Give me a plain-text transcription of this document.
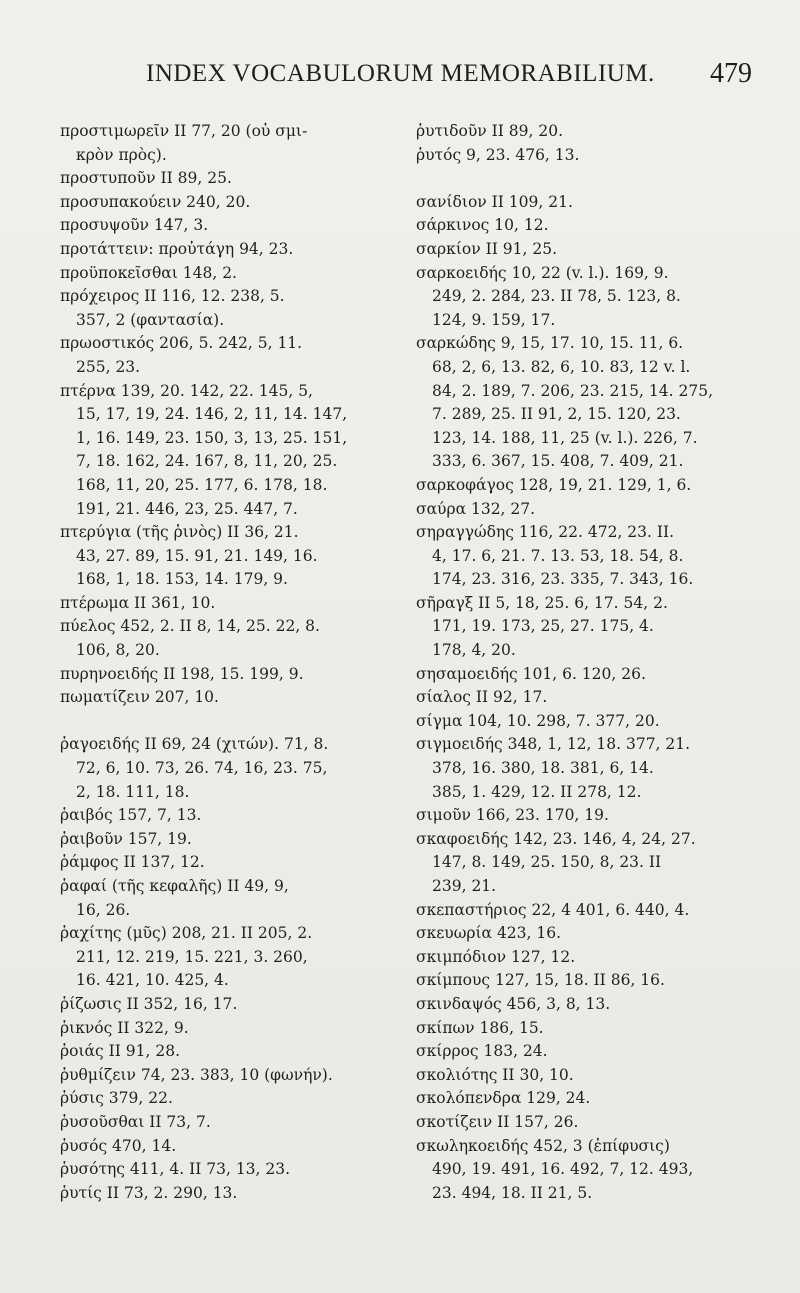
INDEX VOCABULORUM MEMORABILIUM. 479
προστιμωρεῖν II 77, 20 (οὐ σμι-
κρὸν πρὸς).
προστυποῦν II 89, 25.
προσυπακούειν 240, 20.
προσυψοῦν 147, 3.
προτάττειν: προὐτάγη 94, 23.
προϋποκεῖσθαι 148, 2.
πρόχειρος II 116, 12. 238, 5.
357, 2 (φαντασία).
πρωοστικός 206, 5. 242, 5, 11.
255, 23.
πτέρνα 139, 20. 142, 22. 145, 5,
15, 17, 19, 24. 146, 2, 11, 14. 147,
1, 16. 149, 23. 150, 3, 13, 25. 151,
7, 18. 162, 24. 167, 8, 11, 20, 25.
168, 11, 20, 25. 177, 6. 178, 18.
191, 21. 446, 23, 25. 447, 7.
πτερύγια (τῆς ῥινὸς) II 36, 21.
43, 27. 89, 15. 91, 21. 149, 16.
168, 1, 18. 153, 14. 179, 9.
πτέρωμα II 361, 10.
πύελος 452, 2. II 8, 14, 25. 22, 8.
106, 8, 20.
πυρηνοειδής II 198, 15. 199, 9.
πωματίζειν 207, 10.
ῥαγοειδής II 69, 24 (χιτών). 71, 8.
72, 6, 10. 73, 26. 74, 16, 23. 75,
2, 18. 111, 18.
ῥαιβός 157, 7, 13.
ῥαιβοῦν 157, 19.
ῥάμφος II 137, 12.
ῥαφαί (τῆς κεφαλῆς) II 49, 9,
16, 26.
ῥαχίτης (μῦς) 208, 21. II 205, 2.
211, 12. 219, 15. 221, 3. 260,
16. 421, 10. 425, 4.
ῥίζωσις II 352, 16, 17.
ῥικνός II 322, 9.
ῥοιάς II 91, 28.
ῥυθμίζειν 74, 23. 383, 10 (φωνήν).
ῥύσις 379, 22.
ῥυσοῦσθαι II 73, 7.
ῥυσός 470, 14.
ῥυσότης 411, 4. II 73, 13, 23.
ῥυτίς II 73, 2. 290, 13.
ῥυτιδοῦν II 89, 20.
ῥυτός 9, 23. 476, 13.
σανίδιον II 109, 21.
σάρκινος 10, 12.
σαρκίον II 91, 25.
σαρκοειδής 10, 22 (v. l.). 169, 9.
249, 2. 284, 23. II 78, 5. 123, 8.
124, 9. 159, 17.
σαρκώδης 9, 15, 17. 10, 15. 11, 6.
68, 2, 6, 13. 82, 6, 10. 83, 12 v. l.
84, 2. 189, 7. 206, 23. 215, 14. 275,
7. 289, 25. II 91, 2, 15. 120, 23.
123, 14. 188, 11, 25 (v. l.). 226, 7.
333, 6. 367, 15. 408, 7. 409, 21.
σαρκοφάγος 128, 19, 21. 129, 1, 6.
σαύρα 132, 27.
σηραγγώδης 116, 22. 472, 23. II.
4, 17. 6, 21. 7. 13. 53, 18. 54, 8.
174, 23. 316, 23. 335, 7. 343, 16.
σῆραγξ II 5, 18, 25. 6, 17. 54, 2.
171, 19. 173, 25, 27. 175, 4.
178, 4, 20.
σησαμοειδής 101, 6. 120, 26.
σίαλος II 92, 17.
σίγμα 104, 10. 298, 7. 377, 20.
σιγμοειδής 348, 1, 12, 18. 377, 21.
378, 16. 380, 18. 381, 6, 14.
385, 1. 429, 12. II 278, 12.
σιμοῦν 166, 23. 170, 19.
σκαφοειδής 142, 23. 146, 4, 24, 27.
147, 8. 149, 25. 150, 8, 23. II
239, 21.
σκεπαστήριος 22, 4 401, 6. 440, 4.
σκευωρία 423, 16.
σκιμπόδιον 127, 12.
σκίμπους 127, 15, 18. II 86, 16.
σκινδαψός 456, 3, 8, 13.
σκίπων 186, 15.
σκίρρος 183, 24.
σκολιότης II 30, 10.
σκολόπενδρα 129, 24.
σκοτίζειν II 157, 26.
σκωληκοειδής 452, 3 (ἐπίφυσις)
490, 19. 491, 16. 492, 7, 12. 493,
23. 494, 18. II 21, 5.
